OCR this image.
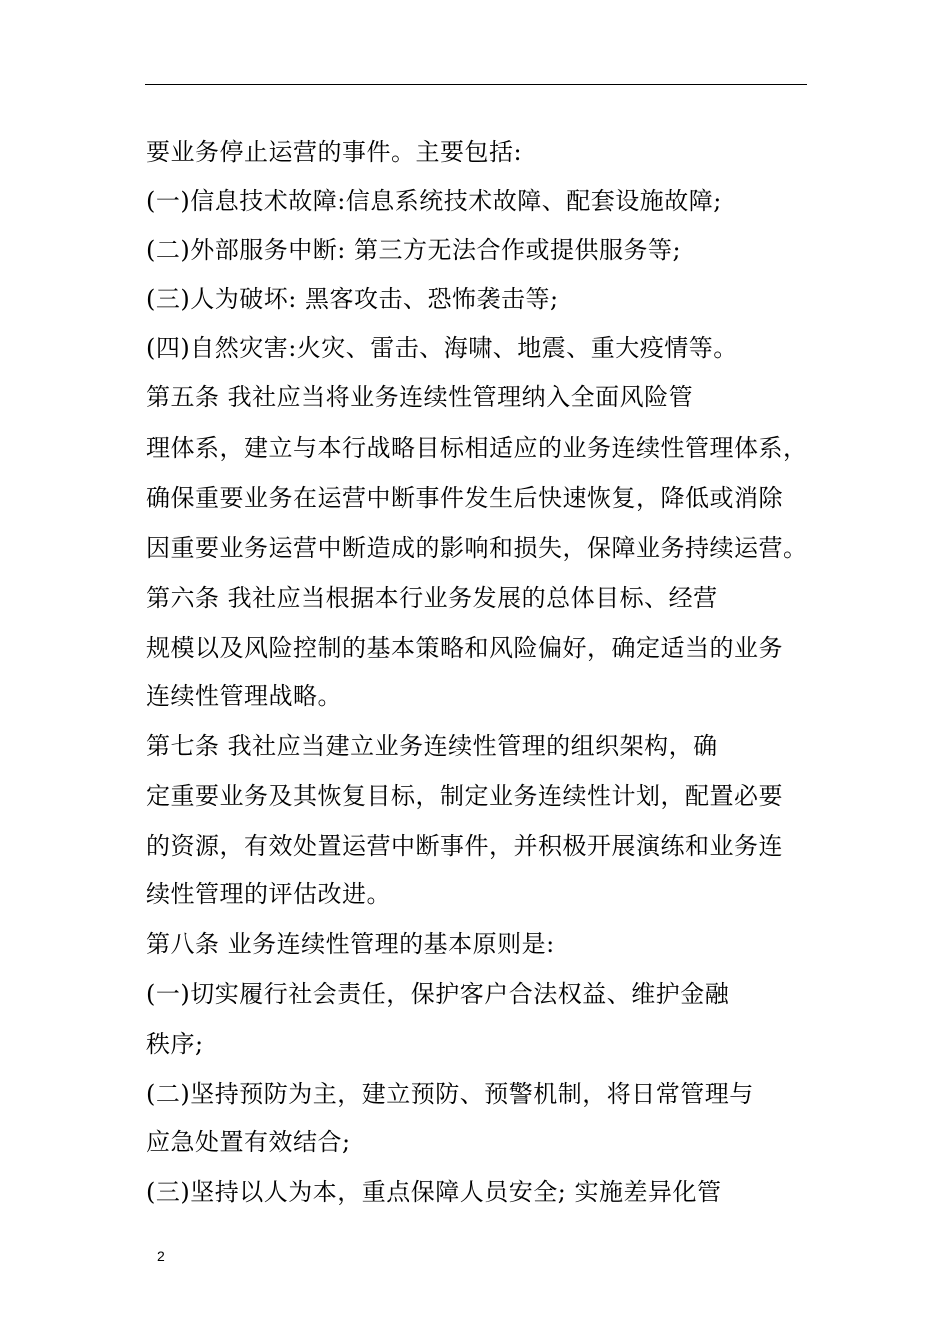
要业务停止运营的事件。主要包括:
(一)信息技术故障:信息系统技术故障、配套设施故障;
(二)外部服务中断: 第三方无法合作或提供服务等;
(三)人为破坏: 黑客攻击、恐怖袭击等;
(四)自然灾害:火灾、雷击、海啸、地震、重大疫情等。
第五条 我社应当将业务连续性管理纳入全面风险管
理体系，建立与本行战略目标相适应的业务连续性管理体系，
确保重要业务在运营中断事件发生后快速恢复，降低或消除
因重要业务运营中断造成的影响和损失，保障业务持续运营。
第六条 我社应当根据本行业务发展的总体目标、经营
规模以及风险控制的基本策略和风险偏好，确定适当的业务
连续性管理战略。
第七条 我社应当建立业务连续性管理的组织架构，确
定重要业务及其恢复目标，制定业务连续性计划，配置必要
的资源，有效处置运营中断事件，并积极开展演练和业务连
续性管理的评估改进。
第八条 业务连续性管理的基本原则是:
(一)切实履行社会责任，保护客户合法权益、维护金融
秩序;
(二)坚持预防为主，建立预防、预警机制，将日常管理与
应急处置有效结合;
(三)坚持以人为本，重点保障人员安全; 实施差异化管
2
